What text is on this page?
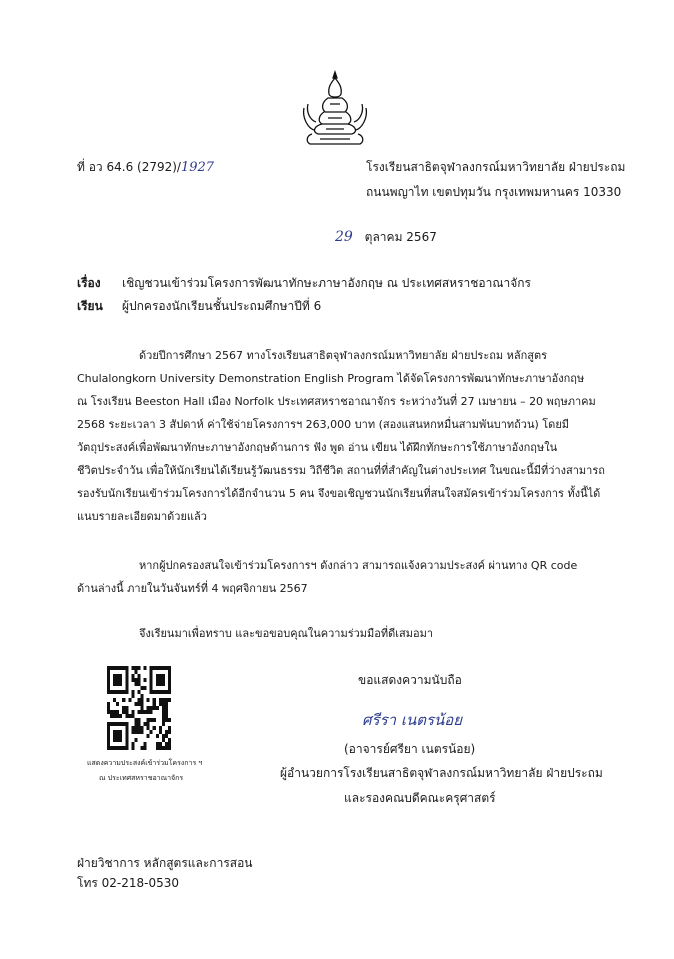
ที่ อว 64.6 (2792)/1927	โรงเรียนสาธิตจุฬาลงกรณ์มหาวิทยาลัย ฝ่ายประถม
ถนนพญาไท เขตปทุมวัน กรุงเทพมหานคร 10330
29 ตุลาคม 2567
เรื่อง เชิญชวนเข้าร่วมโครงการพัฒนาทักษะภาษาอังกฤษ ณ ประเทศสหราชอาณาจักร
เรียน ผู้ปกครองนักเรียนชั้นประถมศึกษาปีที่ 6
ด้วยปีการศึกษา 2567 ทางโรงเรียนสาธิตจุฬาลงกรณ์มหาวิทยาลัย ฝ่ายประถม หลักสูตร
Chulalongkorn University Demonstration English Program ได้จัดโครงการพัฒนาทักษะภาษาอังกฤษ
ณ โรงเรียน Beeston Hall เมือง Norfolk ประเทศสหราชอาณาจักร ระหว่างวันที่ 27 เมษายน – 20 พฤษภาคม
2568 ระยะเวลา 3 สัปดาห์ ค่าใช้จ่ายโครงการฯ 263,000 บาท (สองแสนหกหมื่นสามพันบาทถ้วน) โดยมี
วัตถุประสงค์เพื่อพัฒนาทักษะภาษาอังกฤษด้านการ ฟัง พูด อ่าน เขียน ได้ฝึกทักษะการใช้ภาษาอังกฤษใน
ชีวิตประจำวัน เพื่อให้นักเรียนได้เรียนรู้วัฒนธรรม วิถีชีวิต สถานที่ที่สำคัญในต่างประเทศ ในขณะนี้มีที่ว่างสามารถ
รองรับนักเรียนเข้าร่วมโครงการได้อีกจำนวน 5 คน จึงขอเชิญชวนนักเรียนที่สนใจสมัครเข้าร่วมโครงการ ทั้งนี้ได้
แนบรายละเอียดมาด้วยแล้ว
หากผู้ปกครองสนใจเข้าร่วมโครงการฯ ดังกล่าว สามารถแจ้งความประสงค์ ผ่านทาง QR code
ด้านล่างนี้ ภายในวันจันทร์ที่ 4 พฤศจิกายน 2567
จึงเรียนมาเพื่อทราบ และขอขอบคุณในความร่วมมือที่ดีเสมอมา
แสดงความประสงค์เข้าร่วมโครงการ ฯ
ณ ประเทศสหราชอาณาจักร
ขอแสดงความนับถือ
ศรีรา เนตรน้อย
(อาจารย์ศรียา เนตรน้อย)
ผู้อำนวยการโรงเรียนสาธิตจุฬาลงกรณ์มหาวิทยาลัย ฝ่ายประถม
และรองคณบดีคณะครุศาสตร์
ฝ่ายวิชาการ หลักสูตรและการสอน
โทร 02-218-0530
